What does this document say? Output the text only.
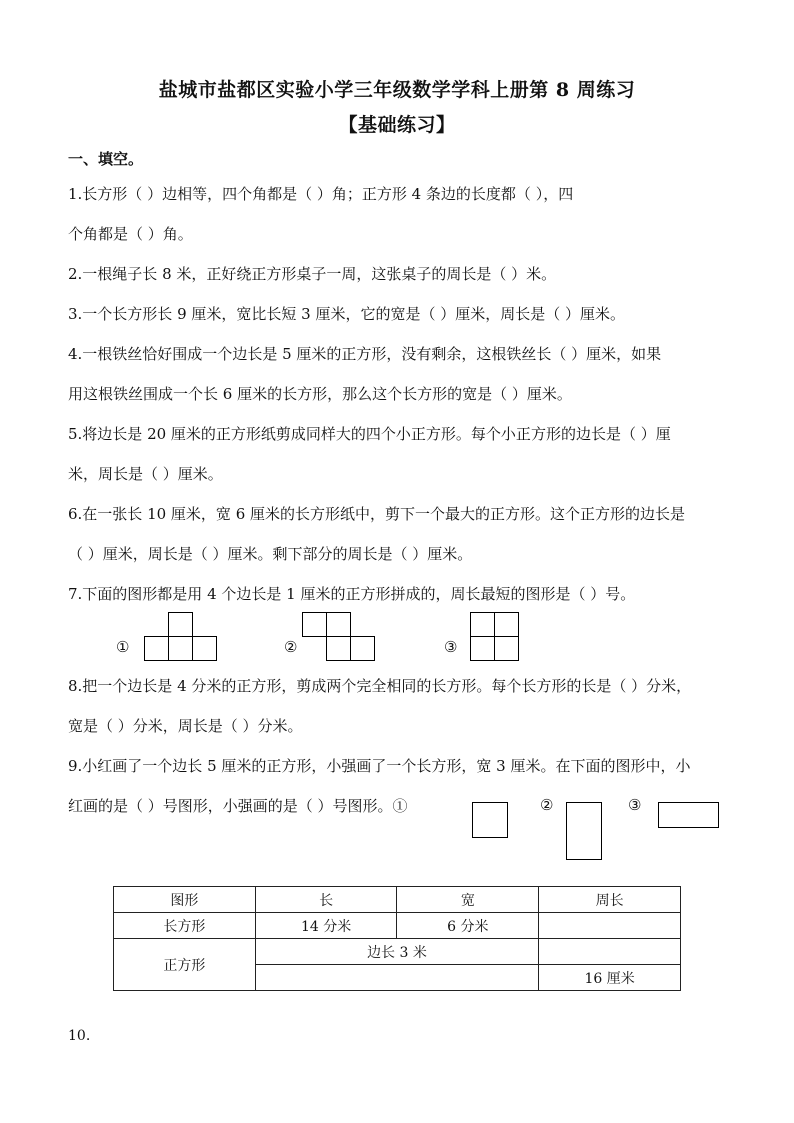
盐城市盐都区实验小学三年级数学学科上册第 8 周练习
【基础练习】
一、填空。
1.长方形（ ）边相等，四个角都是（ ）角；正方形 4 条边的长度都（ ），四
个角都是（ ）角。
2.一根绳子长 8 米，正好绕正方形桌子一周，这张桌子的周长是（ ）米。
3.一个长方形长 9 厘米，宽比长短 3 厘米，它的宽是（ ）厘米，周长是（ ）厘米。
4.一根铁丝恰好围成一个边长是 5 厘米的正方形，没有剩余，这根铁丝长（ ）厘米，如果
用这根铁丝围成一个长 6 厘米的长方形，那么这个长方形的宽是（ ）厘米。
5.将边长是 20 厘米的正方形纸剪成同样大的四个小正方形。每个小正方形的边长是（ ）厘
米，周长是（ ）厘米。
6.在一张长 10 厘米，宽 6 厘米的长方形纸中，剪下一个最大的正方形。这个正方形的边长是
（ ）厘米，周长是（ ）厘米。剩下部分的周长是（ ）厘米。
7.下面的图形都是用 4 个边长是 1 厘米的正方形拼成的，周长最短的图形是（ ）号。
①	②	③
8.把一个边长是 4 分米的正方形，剪成两个完全相同的长方形。每个长方形的长是（ ）分米，
宽是（ ）分米，周长是（ ）分米。
9.小红画了一个边长 5 厘米的正方形，小强画了一个长方形，宽 3 厘米。在下面的图形中，小
红画的是（ ）号图形，小强画的是（ ）号图形。①	②	③
图形	长	宽	周长
长方形	14 分米	6 分米	
正方形	边长 3 米		
			16 厘米
10.
